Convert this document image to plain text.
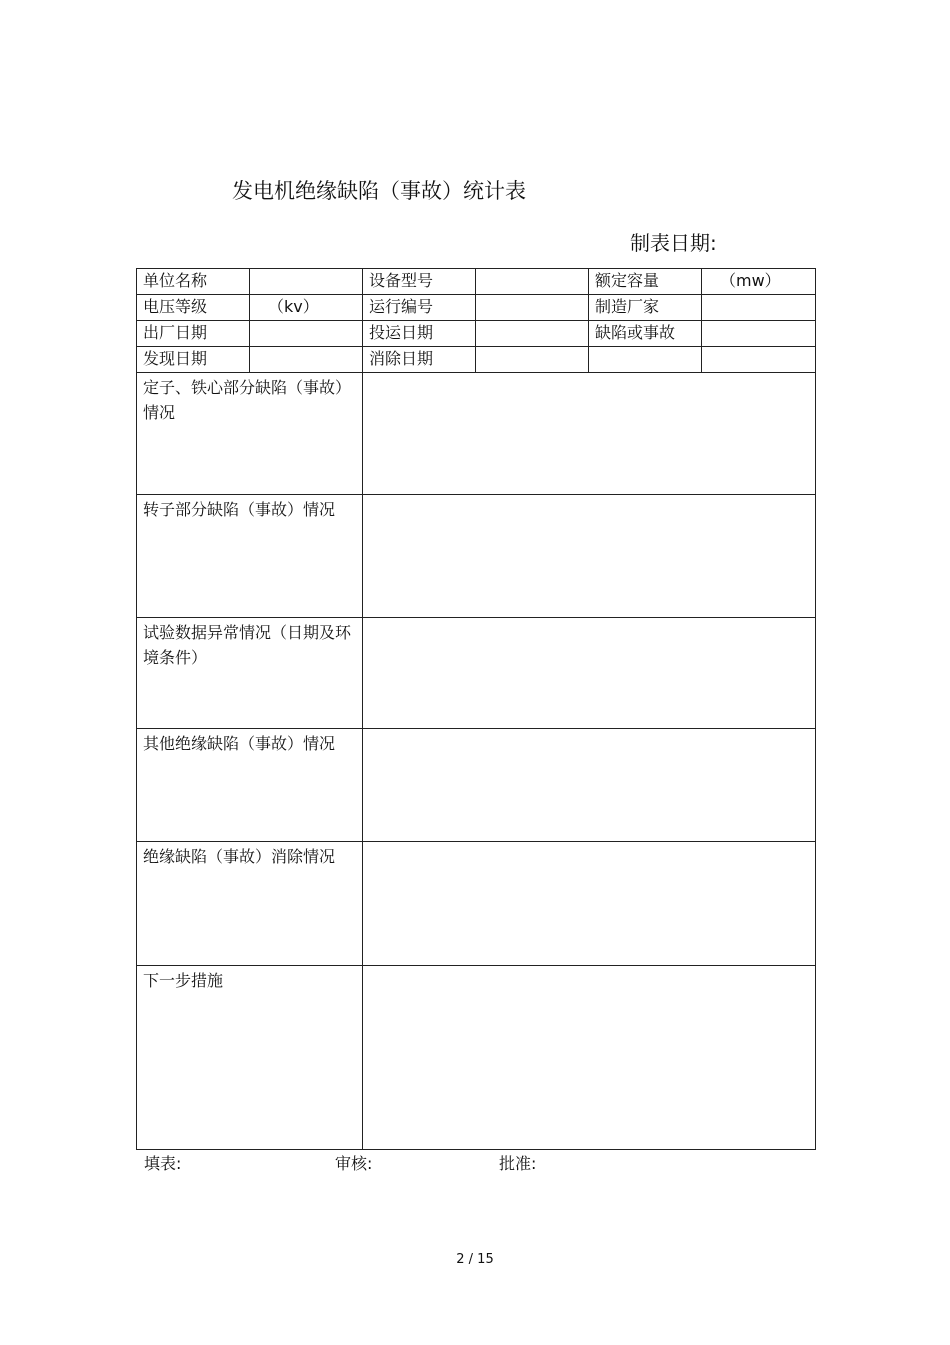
发电机绝缘缺陷（事故）统计表
制表日期:
单位名称		设备型号		额定容量	（mw）
电压等级	（kv）	运行编号		制造厂家	
出厂日期		投运日期		缺陷或事故	
发现日期		消除日期			
定子、铁心部分缺陷（事故）情况					
转子部分缺陷（事故）情况					
试验数据异常情况（日期及环境条件）					
其他绝缘缺陷（事故）情况					
绝缘缺陷（事故）消除情况					
下一步措施					
填表:	审核:	批准:
2 / 15
